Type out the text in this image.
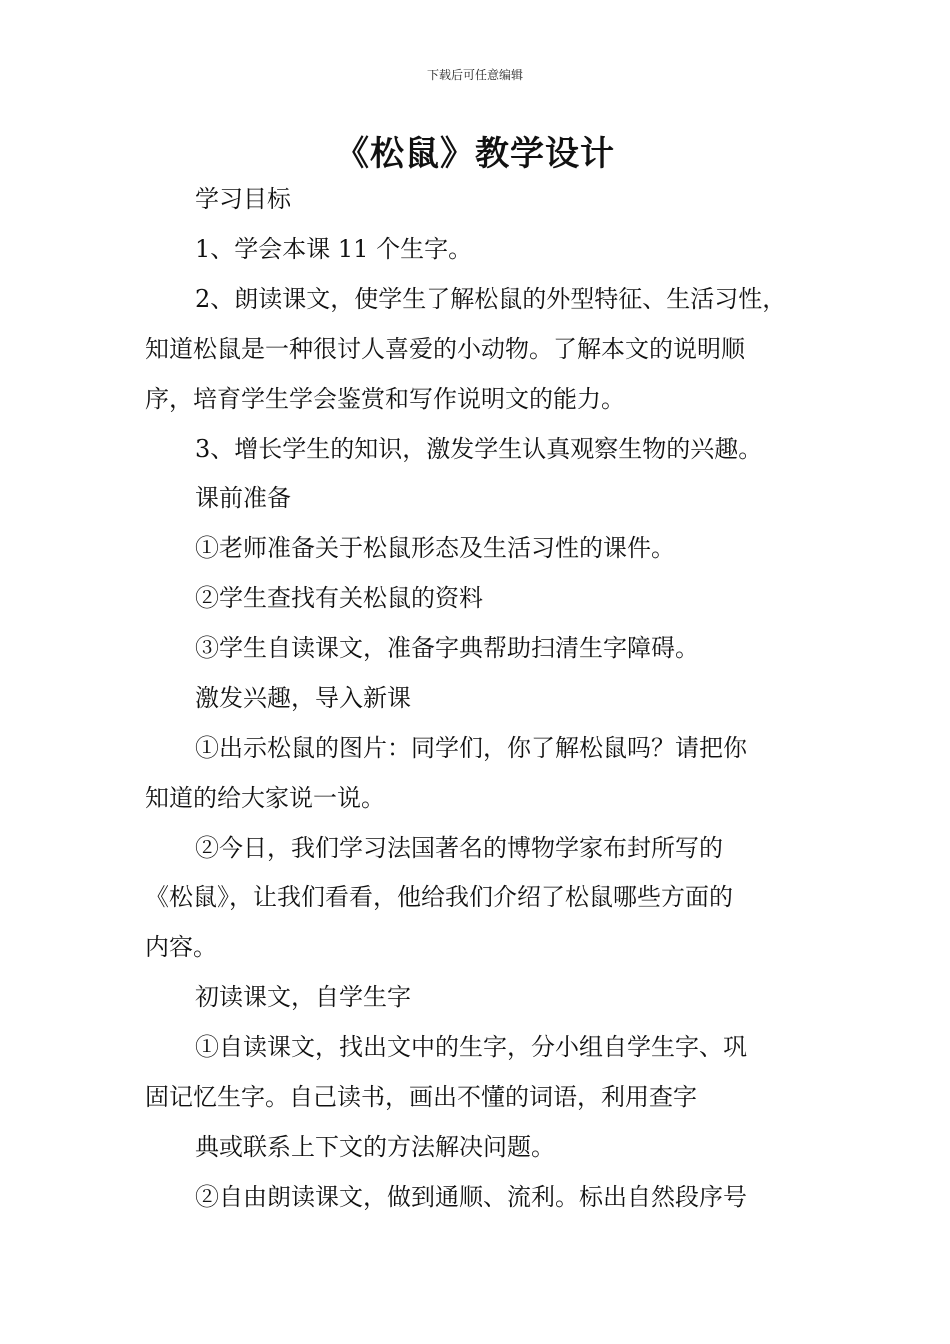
下载后可任意编辑
《松鼠》教学设计
学习目标
1、学会本课 11 个生字。
2、朗读课文，使学生了解松鼠的外型特征、生活习性，
知道松鼠是一种很讨人喜爱的小动物。了解本文的说明顺
序，培育学生学会鉴赏和写作说明文的能力。
3、增长学生的知识，激发学生认真观察生物的兴趣。
课前准备
①老师准备关于松鼠形态及生活习性的课件。
②学生查找有关松鼠的资料
③学生自读课文，准备字典帮助扫清生字障碍。
激发兴趣，导入新课
①出示松鼠的图片：同学们，你了解松鼠吗？请把你
知道的给大家说一说。
②今日，我们学习法国著名的博物学家布封所写的
《松鼠》，让我们看看，他给我们介绍了松鼠哪些方面的
内容。
初读课文，自学生字
①自读课文，找出文中的生字，分小组自学生字、巩
固记忆生字。自己读书，画出不懂的词语，利用查字
典或联系上下文的方法解决问题。
②自由朗读课文，做到通顺、流利。标出自然段序号
